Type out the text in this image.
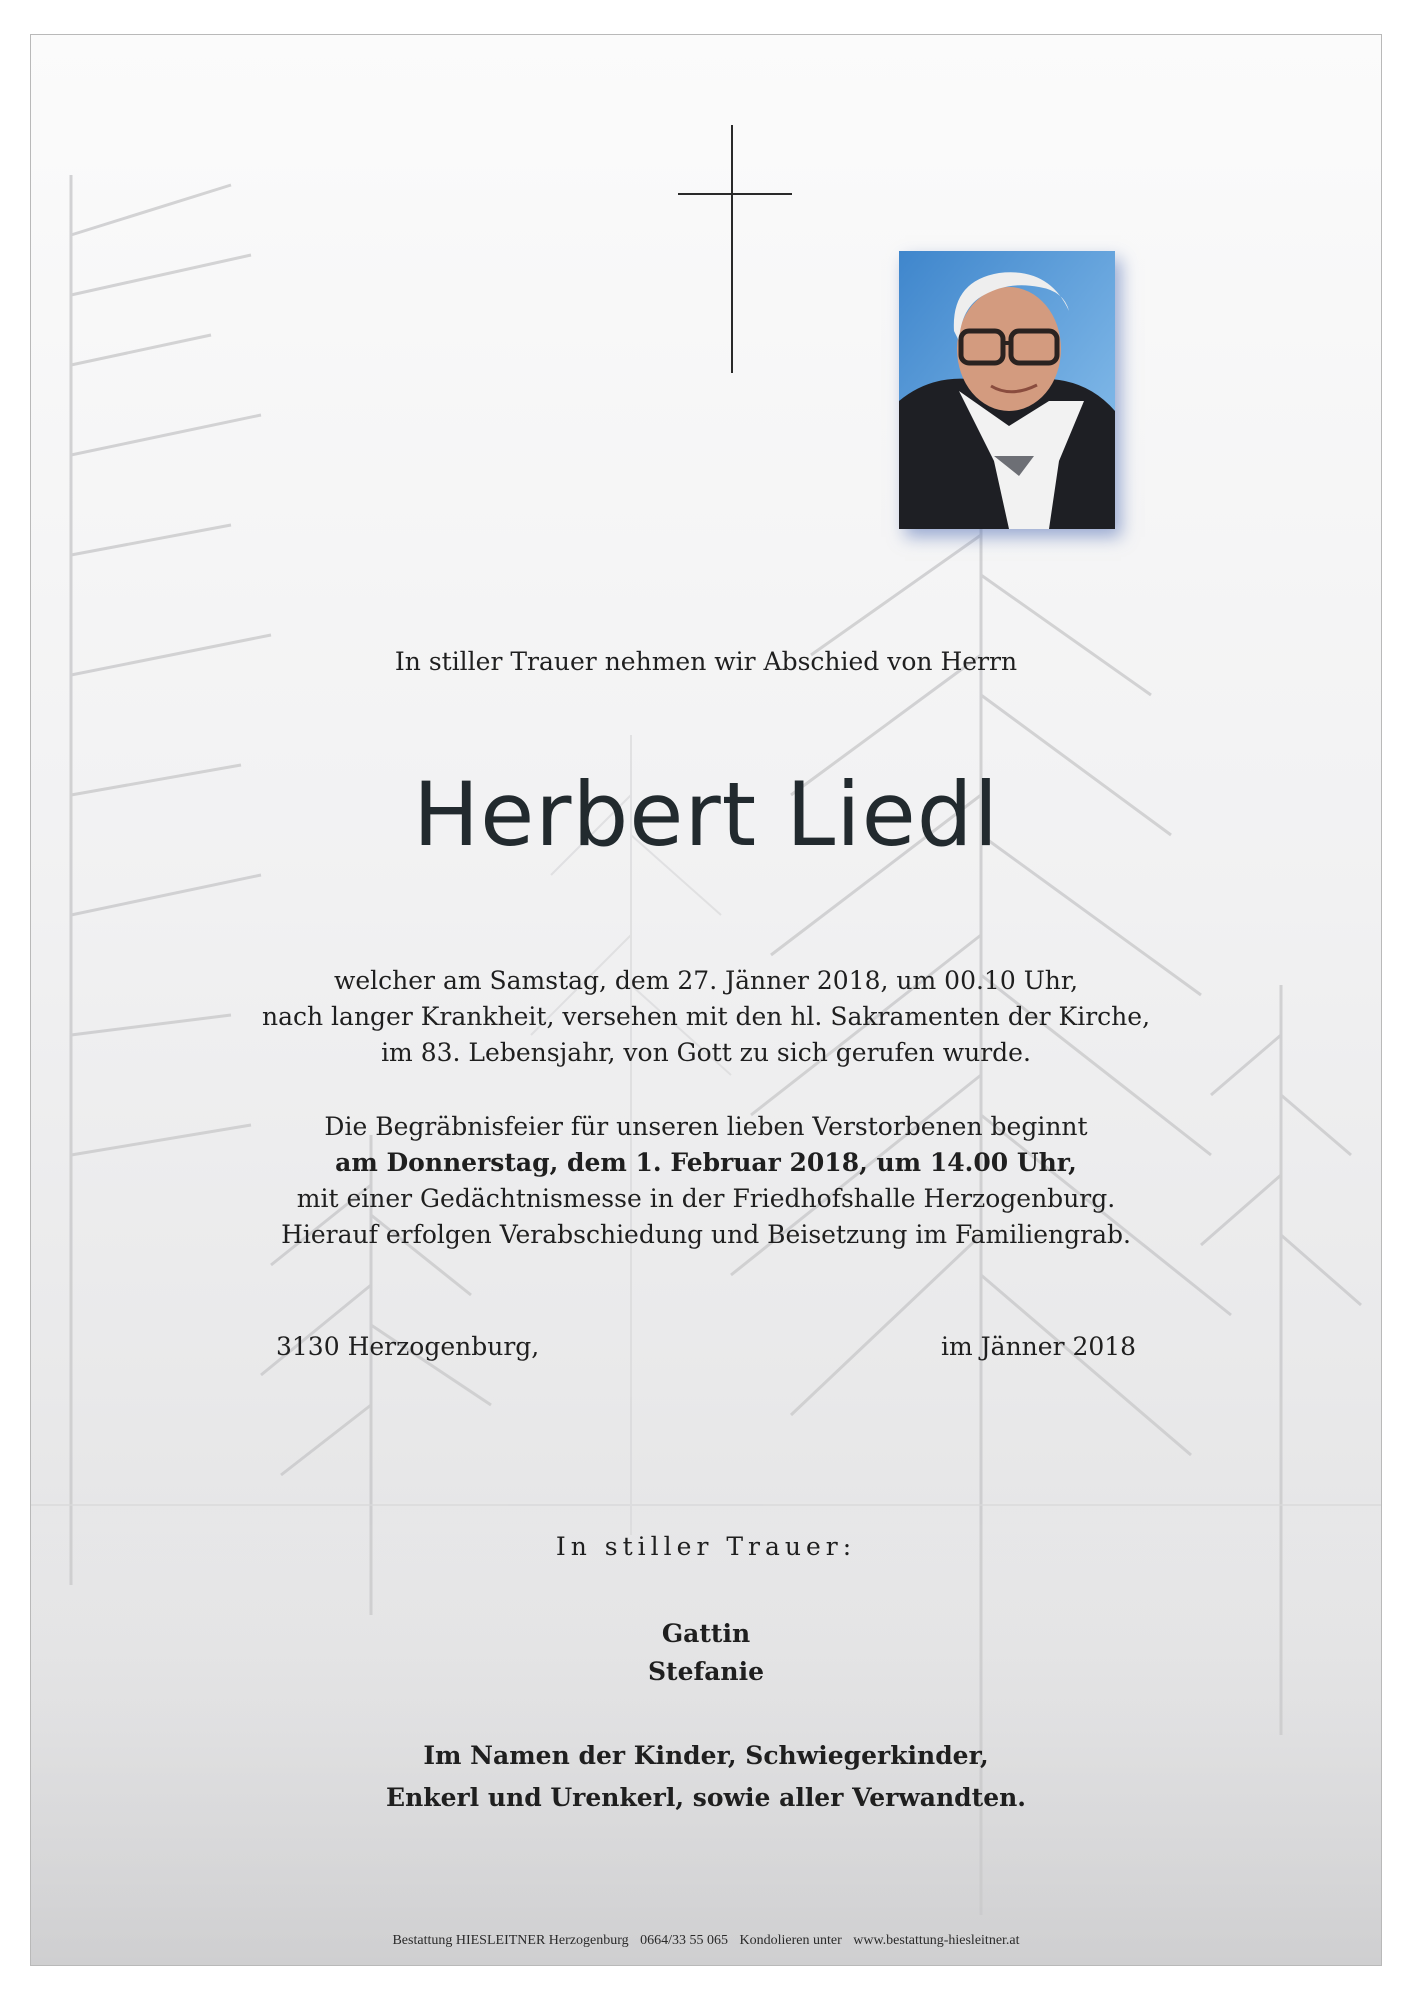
In stiller Trauer nehmen wir Abschied von Herrn
Herbert Liedl
welcher am Samstag, dem 27. Jänner 2018, um 00.10 Uhr,
nach langer Krankheit, versehen mit den hl. Sakramenten der Kirche,
im 83. Lebensjahr, von Gott zu sich gerufen wurde.
Die Begräbnisfeier für unseren lieben Verstorbenen beginnt
am Donnerstag, dem 1. Februar 2018, um 14.00 Uhr,
mit einer Gedächtnismesse in der Friedhofshalle Herzogenburg.
Hierauf erfolgen Verabschiedung und Beisetzung im Familiengrab.
3130 Herzogenburg,	im Jänner 2018
In stiller Trauer:
Gattin
Stefanie
Im Namen der Kinder, Schwiegerkinder,
Enkerl und Urenkerl, sowie aller Verwandten.
Bestattung HIESLEITNER Herzogenburg 0664/33 55 065 Kondolieren unter www.bestattung-hiesleitner.at
